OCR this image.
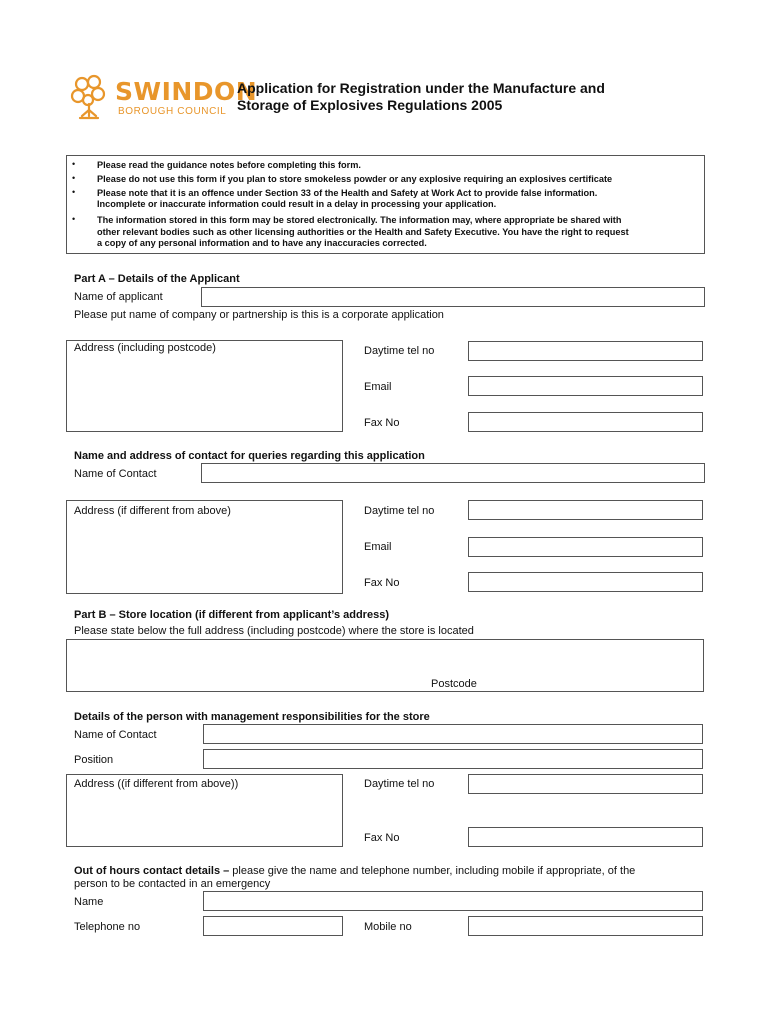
SWINDON
BOROUGH COUNCIL
Application for Registration under the Manufacture and
Storage of Explosives Regulations 2005
• Please read the guidance notes before completing this form.
• Please do not use this form if you plan to store smokeless powder or any explosive requiring an explosives certificate
• Please note that it is an offence under Section 33 of the Health and Safety at Work Act to provide false information.
Incomplete or inaccurate information could result in a delay in processing your application.
• The information stored in this form may be stored electronically. The information may, where appropriate be shared with
other relevant bodies such as other licensing authorities or the Health and Safety Executive. You have the right to request
a copy of any personal information and to have any inaccuracies corrected.
Part A – Details of the Applicant
Name of applicant
Please put name of company or partnership is this is a corporate application
Address (including postcode)	Daytime tel no
Email
Fax No
Name and address of contact for queries regarding this application
Name of Contact
Address (if different from above)	Daytime tel no
Email
Fax No
Part B – Store location (if different from applicant’s address)
Please state below the full address (including postcode) where the store is located
Postcode
Details of the person with management responsibilities for the store
Name of Contact
Position
Address ((if different from above))	Daytime tel no
Fax No
Out of hours contact details – please give the name and telephone number, including mobile if appropriate, of the
person to be contacted in an emergency
Name
Telephone no	Mobile no
